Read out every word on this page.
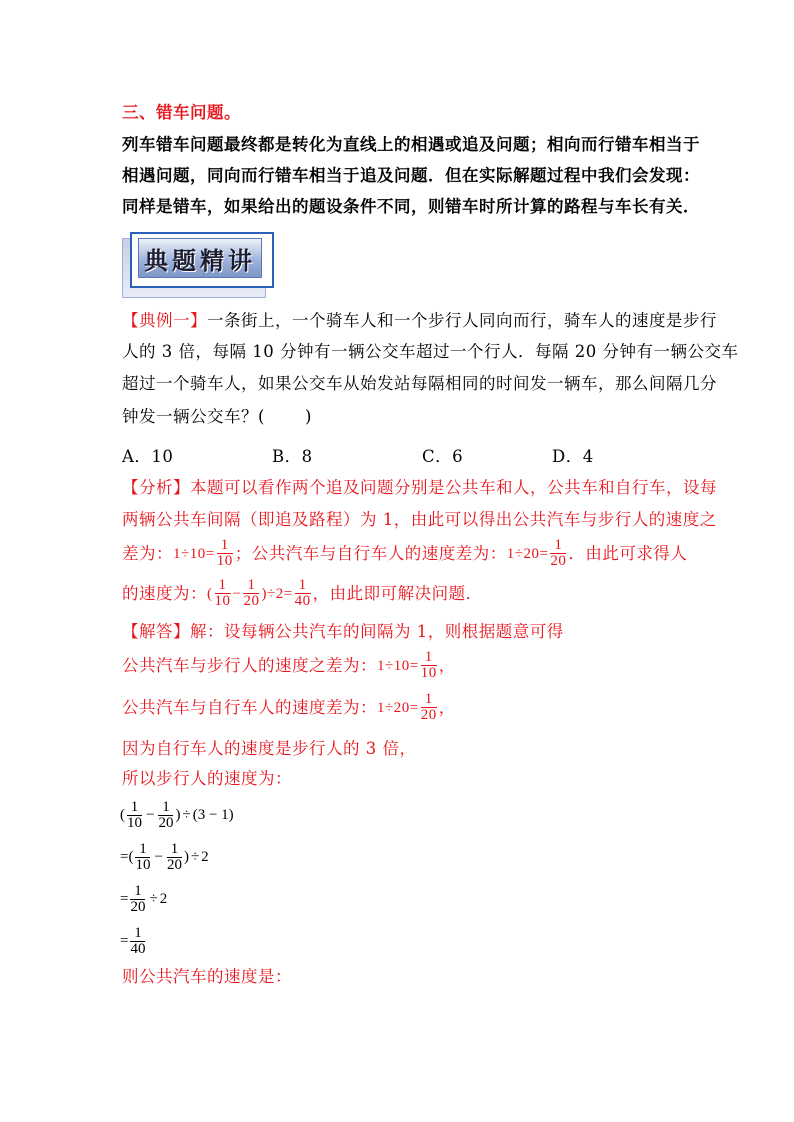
三、错车问题。
列车错车问题最终都是转化为直线上的相遇或追及问题；相向而行错车相当于
相遇问题，同向而行错车相当于追及问题．但在实际解题过程中我们会发现：
同样是错车，如果给出的题设条件不同，则错车时所计算的路程与车长有关．
典题精讲
【典例一】一条街上，一个骑车人和一个步行人同向而行，骑车人的速度是步行
人的 3 倍，每隔 10 分钟有一辆公交车超过一个行人．每隔 20 分钟有一辆公交车
超过一个骑车人，如果公交车从始发站每隔相同的时间发一辆车，那么间隔几分
钟发一辆公交车？( )
A．10	B．8	C．6	D．4
【分析】本题可以看作两个追及问题分别是公共车和人，公共车和自行车，设每
两辆公共车间隔（即追及路程）为 1，由此可以得出公共汽车与步行人的速度之
差为： $1\div 10= \frac{1}{10}$ ；公共汽车与自行车人的速度差为： $1\div 20= \frac{1}{20}$ ．由此可求得人
的速度为： ( $\frac{1}{10} - \frac{1}{20} )\div 2= \frac{1}{40}$ ，由此即可解决问题．
【解答】解：设每辆公共汽车的间隔为 1，则根据题意可得
公共汽车与步行人的速度之差为： $1\div 10= \frac{1}{10}$ ，
公共汽车与自行车人的速度差为： $1\div 20= \frac{1}{20}$ ，
因为自行车人的速度是步行人的 3 倍，
所以步行人的速度为：
( $\frac{1}{10} - \frac{1}{20}$ ) ÷ (3 − 1)
= ( $\frac{1}{10} - \frac{1}{20}$ ) ÷ 2
= $\frac{1}{20} \div 2$
= $\frac{1}{40}$
则公共汽车的速度是：
